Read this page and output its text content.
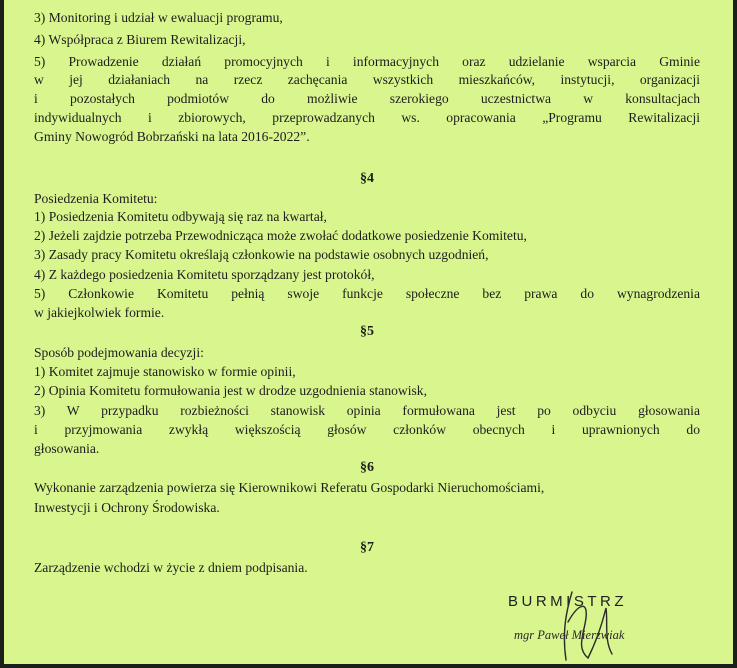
3) Monitoring i udział w ewaluacji programu,

4) Współpraca z Biurem Rewitalizacji,

5) Prowadzenie działań promocyjnych i informacyjnych oraz udzielanie wsparcia Gminie

w jej działaniach na rzecz zachęcania wszystkich mieszkańców, instytucji, organizacji

i pozostałych podmiotów do możliwie szerokiego uczestnictwa w konsultacjach

indywidualnych i zbiorowych, przeprowadzanych ws. opracowania „Programu Rewitalizacji

Gminy Nowogród Bobrzański na lata 2016-2022”.

§4

Posiedzenia Komitetu:

1) Posiedzenia Komitetu odbywają się raz na kwartał,

2) Jeżeli zajdzie potrzeba Przewodnicząca może zwołać dodatkowe posiedzenie Komitetu,

3) Zasady pracy Komitetu określają członkowie na podstawie osobnych uzgodnień,

4) Z każdego posiedzenia Komitetu sporządzany jest protokół,

5) Członkowie Komitetu pełnią swoje funkcje społeczne bez prawa do wynagrodzenia

w jakiejkolwiek formie.

§5

Sposób podejmowania decyzji:

1) Komitet zajmuje stanowisko w formie opinii,

2) Opinia Komitetu formułowania jest w drodze uzgodnienia stanowisk,

3) W przypadku rozbieżności stanowisk opinia formułowana jest po odbyciu głosowania

i przyjmowania zwykłą większością głosów członków obecnych i uprawnionych do

głosowania.

§6

Wykonanie zarządzenia powierza się Kierownikowi Referatu Gospodarki Nieruchomościami,

Inwestycji i Ochrony Środowiska.

§7

Zarządzenie wchodzi w życie z dniem podpisania.

BURMISTRZ

mgr Paweł Mierzwiak
